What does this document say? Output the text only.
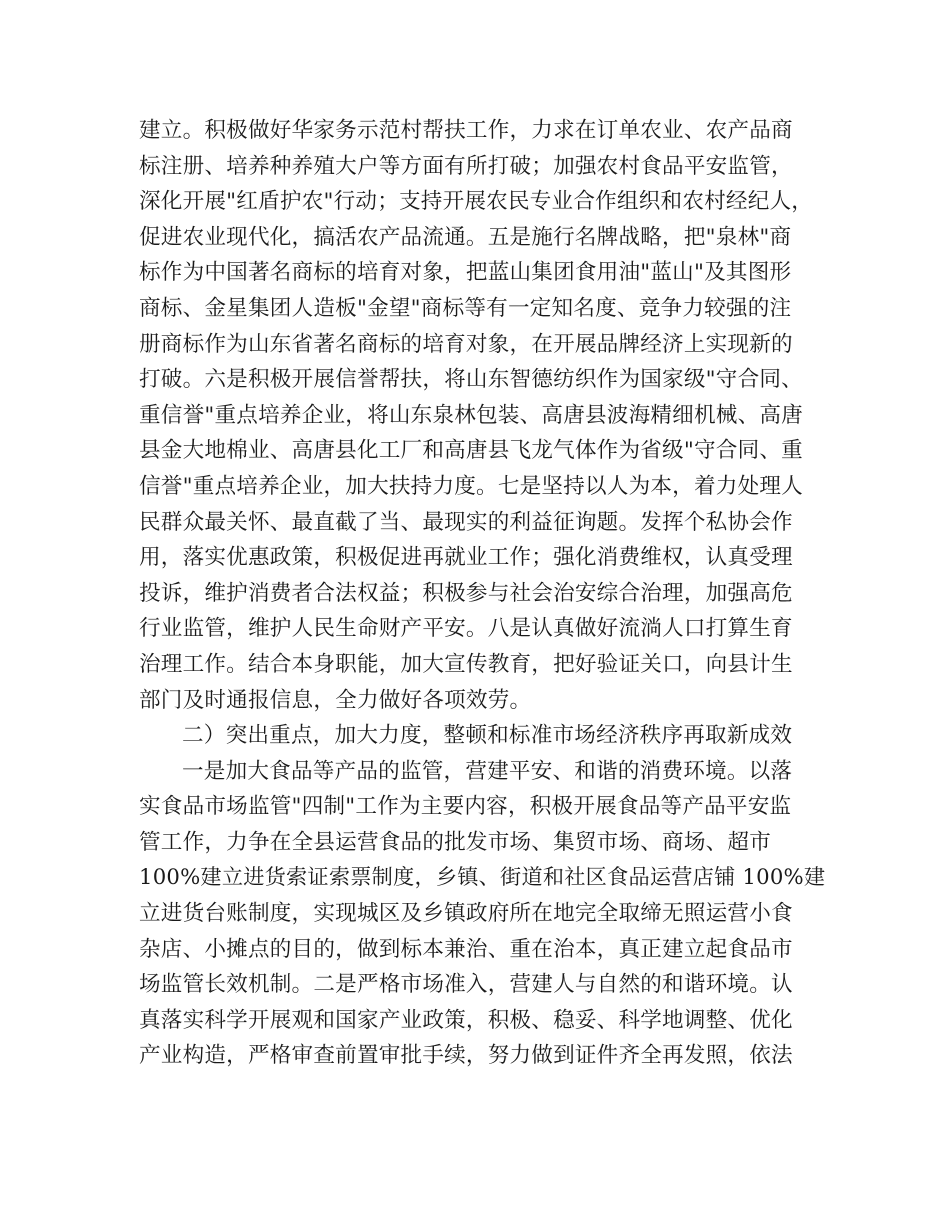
建立。积极做好华家务示范村帮扶工作，力求在订单农业、农产品商
标注册、培养种养殖大户等方面有所打破；加强农村食品平安监管，
深化开展"红盾护农"行动；支持开展农民专业合作组织和农村经纪人，
促进农业现代化，搞活农产品流通。五是施行名牌战略，把"泉林"商
标作为中国著名商标的培育对象，把蓝山集团食用油"蓝山"及其图形
商标、金星集团人造板"金望"商标等有一定知名度、竞争力较强的注
册商标作为山东省著名商标的培育对象，在开展品牌经济上实现新的
打破。六是积极开展信誉帮扶，将山东智德纺织作为国家级"守合同、
重信誉"重点培养企业，将山东泉林包装、高唐县波海精细机械、高唐
县金大地棉业、高唐县化工厂和高唐县飞龙气体作为省级"守合同、重
信誉"重点培养企业，加大扶持力度。七是坚持以人为本，着力处理人
民群众最关怀、最直截了当、最现实的利益征询题。发挥个私协会作
用，落实优惠政策，积极促进再就业工作；强化消费维权，认真受理
投诉，维护消费者合法权益；积极参与社会治安综合治理，加强高危
行业监管，维护人民生命财产平安。八是认真做好流淌人口打算生育
治理工作。结合本身职能，加大宣传教育，把好验证关口，向县计生
部门及时通报信息，全力做好各项效劳。
二）突出重点，加大力度，整顿和标准市场经济秩序再取新成效
一是加大食品等产品的监管，营建平安、和谐的消费环境。以落
实食品市场监管"四制"工作为主要内容，积极开展食品等产品平安监
管工作，力争在全县运营食品的批发市场、集贸市场、商场、超市
100%建立进货索证索票制度，乡镇、街道和社区食品运营店铺 100%建
立进货台账制度，实现城区及乡镇政府所在地完全取缔无照运营小食
杂店、小摊点的目的，做到标本兼治、重在治本，真正建立起食品市
场监管长效机制。二是严格市场准入，营建人与自然的和谐环境。认
真落实科学开展观和国家产业政策，积极、稳妥、科学地调整、优化
产业构造，严格审查前置审批手续，努力做到证件齐全再发照，依法
